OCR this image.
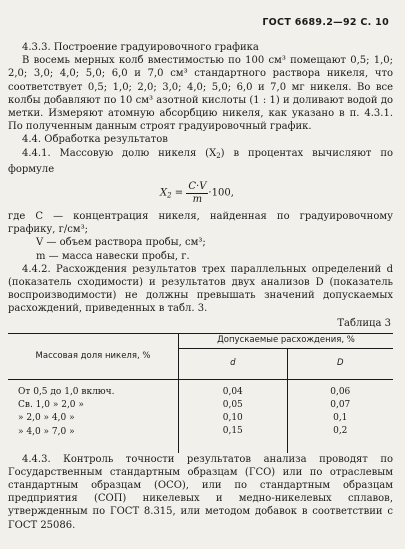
ГОСТ 6689.2—92 С. 10

4.3.3. Построение градуировочного графика

В восемь мерных колб вместимостью по 100 см³ помещают 0,5; 1,0; 2,0; 3,0; 4,0; 5,0; 6,0 и 7,0 см³ стандартного раствора никеля, что соответствует 0,5; 1,0; 2,0; 3,0; 4,0; 5,0; 6,0 и 7,0 мг никеля. Во все колбы добавляют по 10 см³ азотной кислоты (1 : 1) и доливают водой до метки. Измеряют атомную абсорбцию никеля, как указано в п. 4.3.1. По полученным данным строят градуировочный график.

4.4. Обработка результатов

4.4.1. Массовую долю никеля $(X_2)$ в процентах вычисляют по формуле

$X_2 = \frac{C\cdot V}{m} \cdot 100$,

где C — концентрация никеля, найденная по градуировочному графику, г/см³;

V — объем раствора пробы, см³;

m — масса навески пробы, г.

4.4.2. Расхождения результатов трех параллельных определений d (показатель сходимости) и результатов двух анализов D (показатель воспроизводимости) не должны превышать значений допускаемых расхождений, приведенных в табл. 3.

Таблица 3
Массовая доля никеля, %	Допускаемые расхождения, %	
	d	D
От 0,5 до 1,0 включ.	0,04	0,06
Св. 1,0 » 2,0 »	0,05	0,07
» 2,0 » 4,0 »	0,10	0,1
» 4,0 » 7,0 »	0,15	0,2

4.4.3. Контроль точности результатов анализа проводят по Государственным стандартным образцам (ГСО) или по отраслевым стандартным образцам (ОСО), или по стандартным образцам предприятия (СОП) никелевых и медно-никелевых сплавов, утвержденным по ГОСТ 8.315, или методом добавок в соответствии с ГОСТ 25086.
